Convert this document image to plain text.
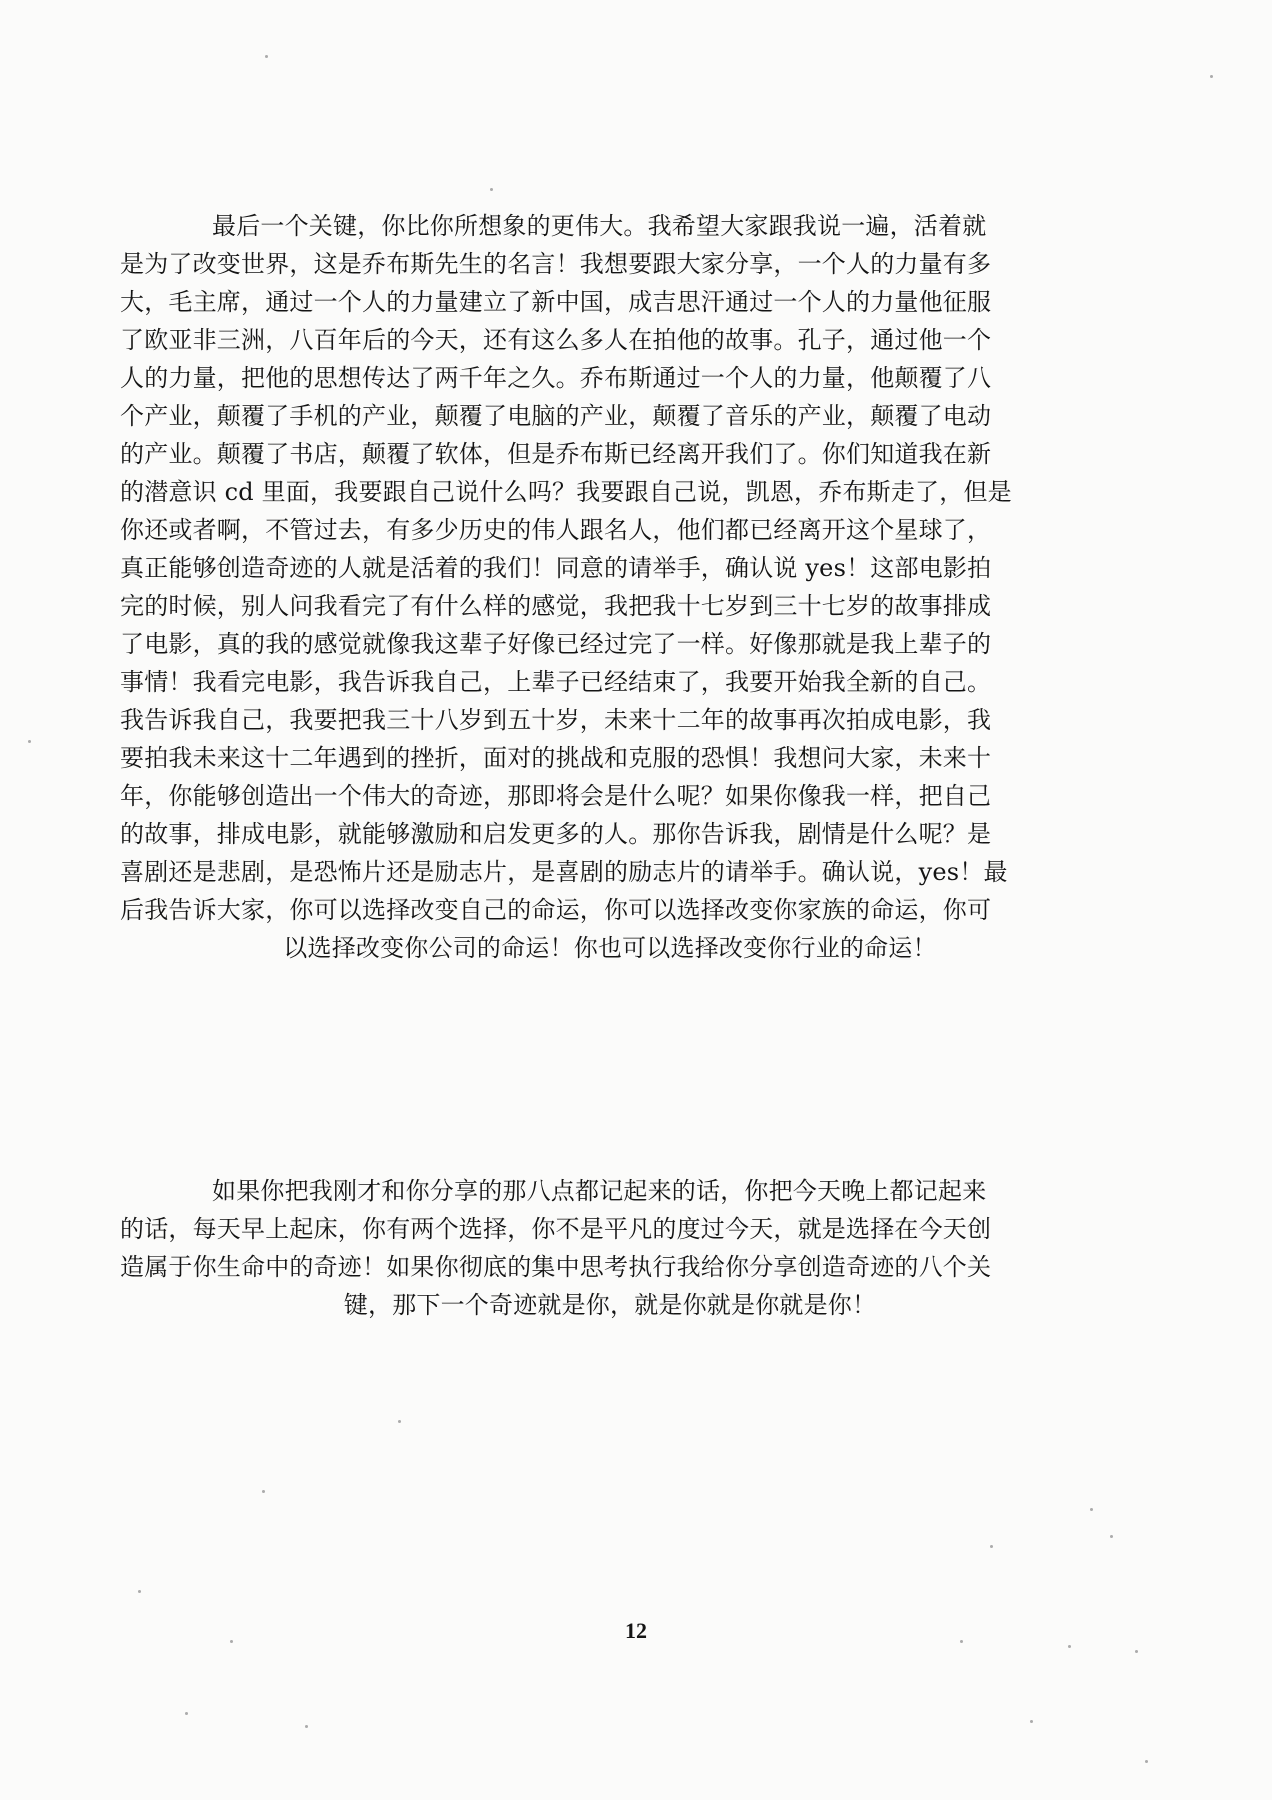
最后一个关键，你比你所想象的更伟大。我希望大家跟我说一遍，活着就
是为了改变世界，这是乔布斯先生的名言！我想要跟大家分享，一个人的力量有多
大，毛主席，通过一个人的力量建立了新中国，成吉思汗通过一个人的力量他征服
了欧亚非三洲，八百年后的今天，还有这么多人在拍他的故事。孔子，通过他一个
人的力量，把他的思想传达了两千年之久。乔布斯通过一个人的力量，他颠覆了八
个产业，颠覆了手机的产业，颠覆了电脑的产业，颠覆了音乐的产业，颠覆了电动
的产业。颠覆了书店，颠覆了软体，但是乔布斯已经离开我们了。你们知道我在新
的潜意识 cd 里面，我要跟自己说什么吗？我要跟自己说，凯恩，乔布斯走了，但是
你还或者啊，不管过去，有多少历史的伟人跟名人，他们都已经离开这个星球了，
真正能够创造奇迹的人就是活着的我们！同意的请举手，确认说 yes！这部电影拍
完的时候，别人问我看完了有什么样的感觉，我把我十七岁到三十七岁的故事排成
了电影，真的我的感觉就像我这辈子好像已经过完了一样。好像那就是我上辈子的
事情！我看完电影，我告诉我自己，上辈子已经结束了，我要开始我全新的自己。
我告诉我自己，我要把我三十八岁到五十岁，未来十二年的故事再次拍成电影，我
要拍我未来这十二年遇到的挫折，面对的挑战和克服的恐惧！我想问大家，未来十
年，你能够创造出一个伟大的奇迹，那即将会是什么呢？如果你像我一样，把自己
的故事，排成电影，就能够激励和启发更多的人。那你告诉我，剧情是什么呢？是
喜剧还是悲剧，是恐怖片还是励志片，是喜剧的励志片的请举手。确认说，yes！最
后我告诉大家，你可以选择改变自己的命运，你可以选择改变你家族的命运，你可
以选择改变你公司的命运！你也可以选择改变你行业的命运！
如果你把我刚才和你分享的那八点都记起来的话，你把今天晚上都记起来
的话，每天早上起床，你有两个选择，你不是平凡的度过今天，就是选择在今天创
造属于你生命中的奇迹！如果你彻底的集中思考执行我给你分享创造奇迹的八个关
键，那下一个奇迹就是你，就是你就是你就是你！
12
